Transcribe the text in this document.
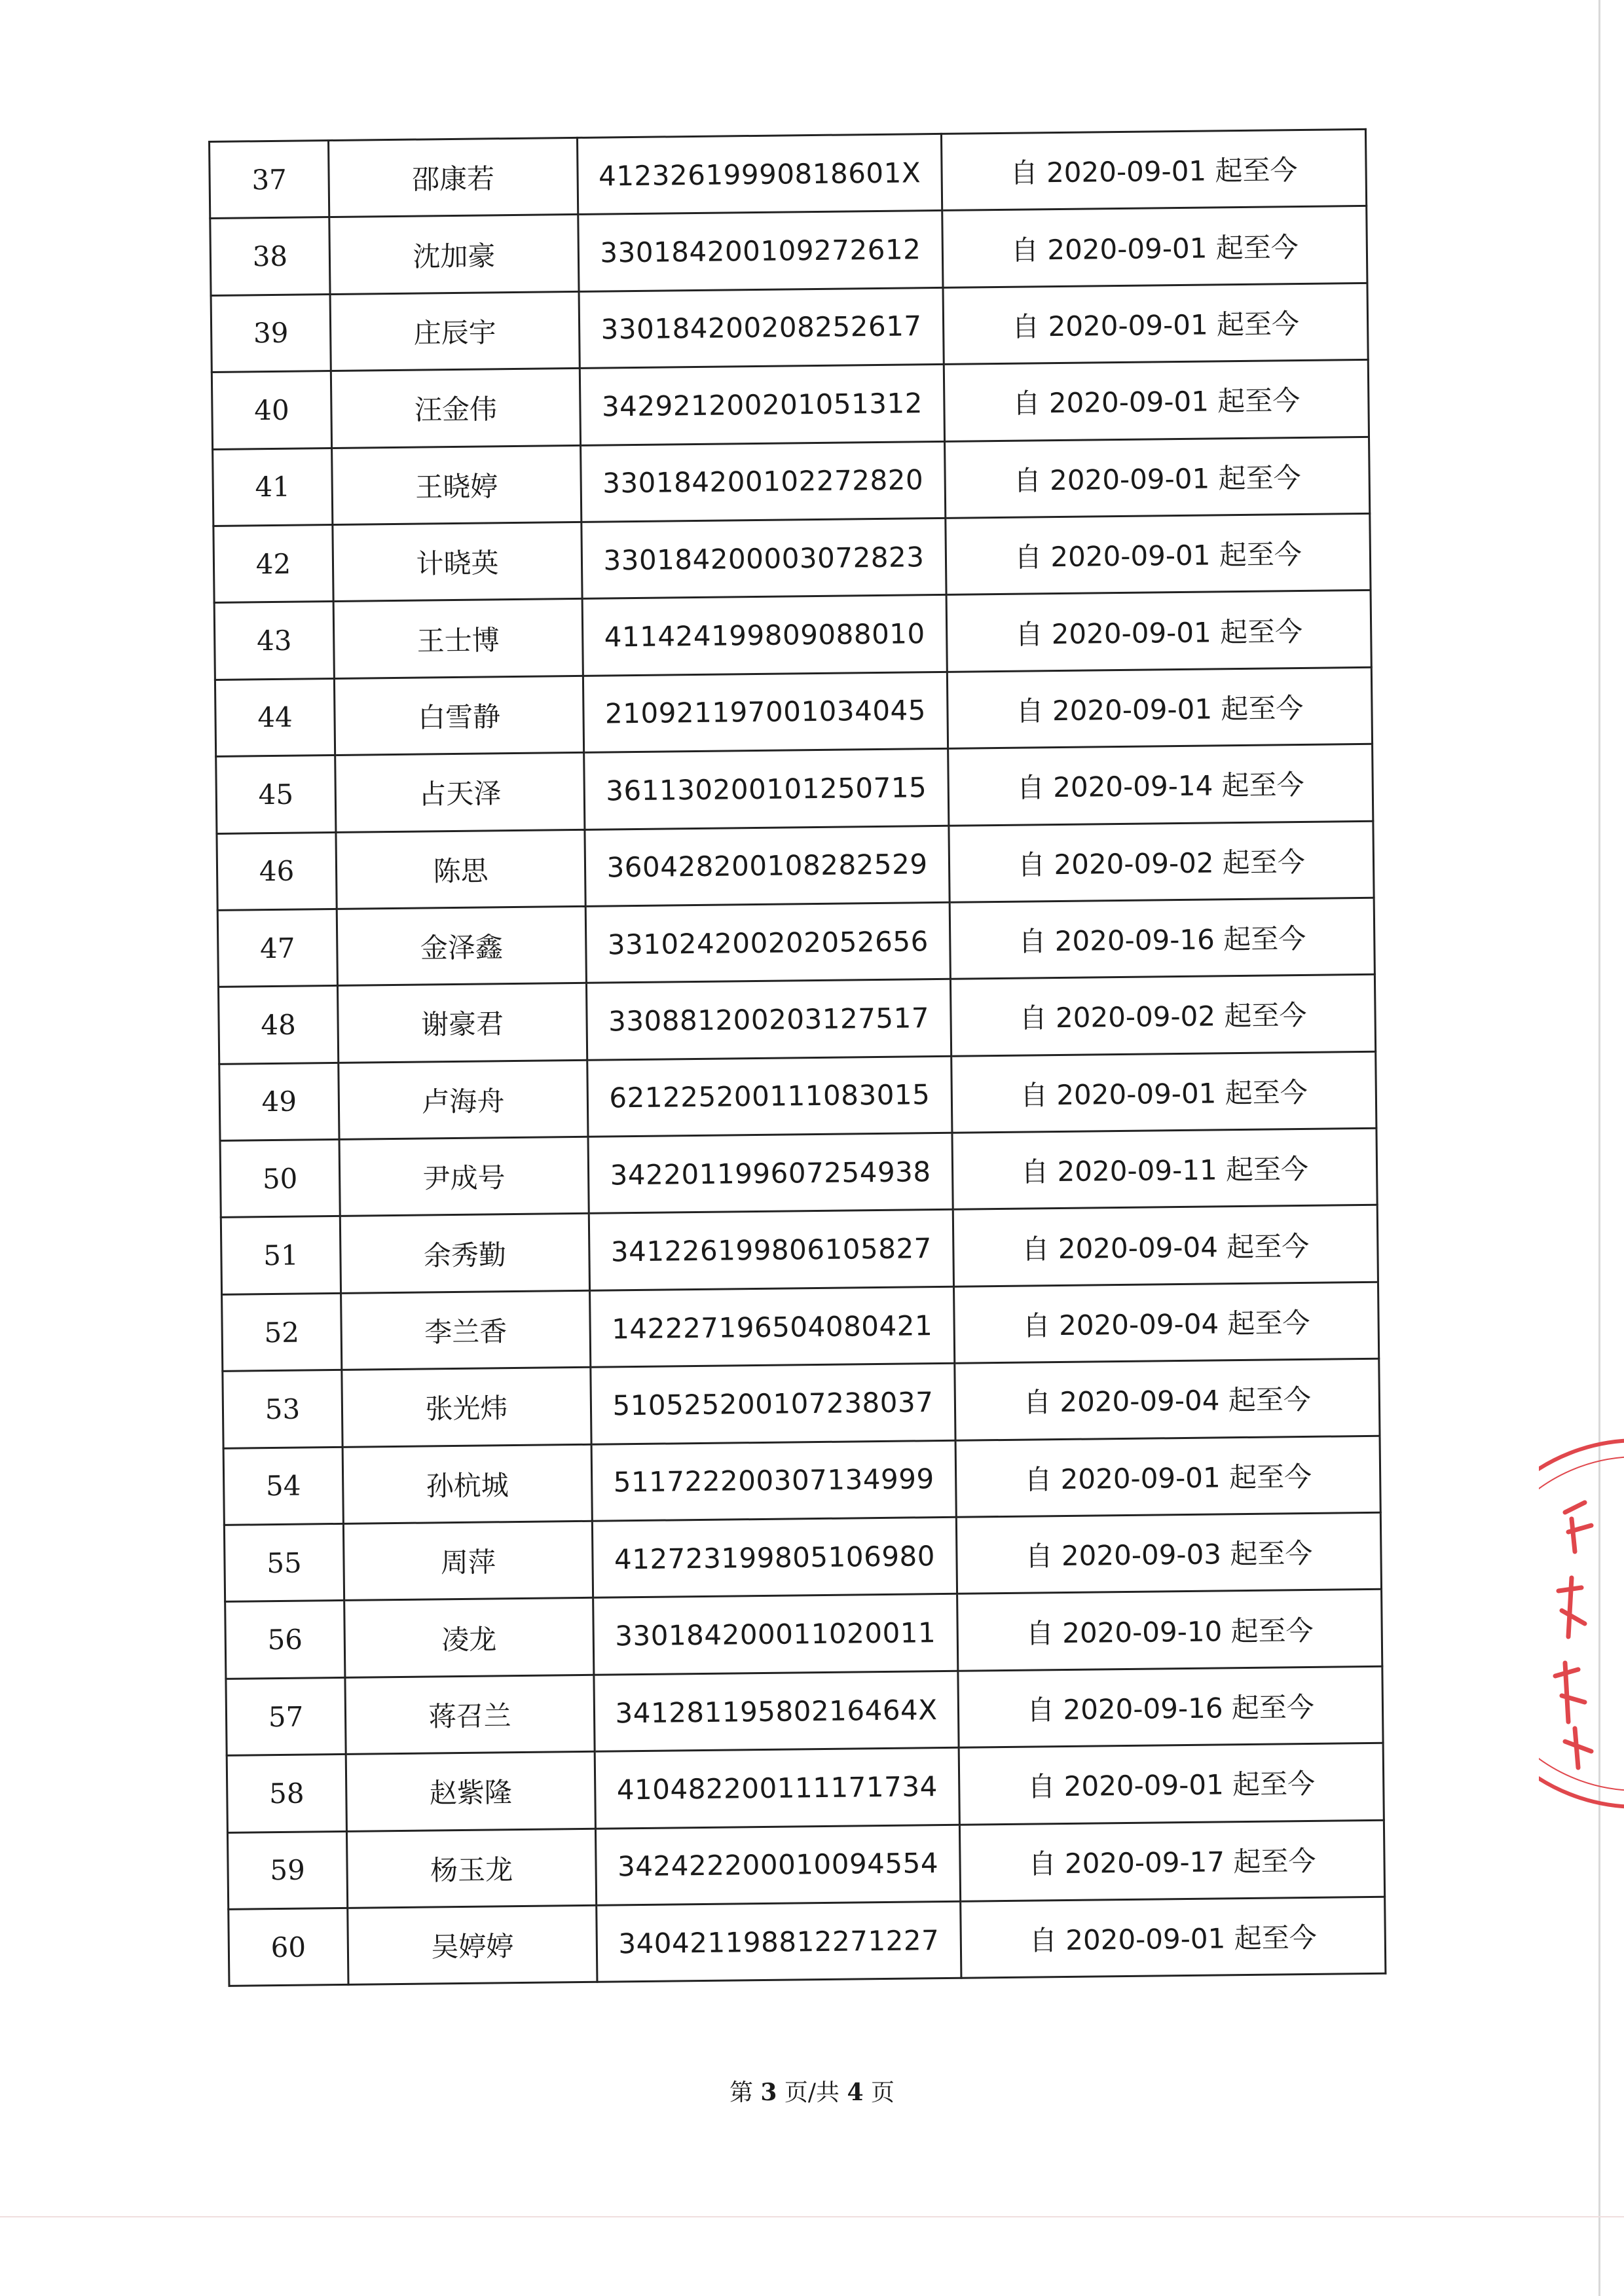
37	邵康若	41232619990818601X	自 2020-09-01 起至今
38	沈加豪	330184200109272612	自 2020-09-01 起至今
39	庄辰宇	330184200208252617	自 2020-09-01 起至今
40	汪金伟	342921200201051312	自 2020-09-01 起至今
41	王晓婷	330184200102272820	自 2020-09-01 起至今
42	计晓英	330184200003072823	自 2020-09-01 起至今
43	王士博	411424199809088010	自 2020-09-01 起至今
44	白雪静	210921197001034045	自 2020-09-01 起至今
45	占天泽	361130200101250715	自 2020-09-14 起至今
46	陈思	360428200108282529	自 2020-09-02 起至今
47	金泽鑫	331024200202052656	自 2020-09-16 起至今
48	谢豪君	330881200203127517	自 2020-09-02 起至今
49	卢海舟	621225200111083015	自 2020-09-01 起至今
50	尹成号	342201199607254938	自 2020-09-11 起至今
51	余秀勤	341226199806105827	自 2020-09-04 起至今
52	李兰香	142227196504080421	自 2020-09-04 起至今
53	张光炜	510525200107238037	自 2020-09-04 起至今
54	孙杭城	511722200307134999	自 2020-09-01 起至今
55	周萍	412723199805106980	自 2020-09-03 起至今
56	凌龙	330184200011020011	自 2020-09-10 起至今
57	蒋召兰	34128119580216464X	自 2020-09-16 起至今
58	赵紫隆	410482200111171734	自 2020-09-01 起至今
59	杨玉龙	342422200010094554	自 2020-09-17 起至今
60	吴婷婷	340421198812271227	自 2020-09-01 起至今
第 3 页/共 4 页
